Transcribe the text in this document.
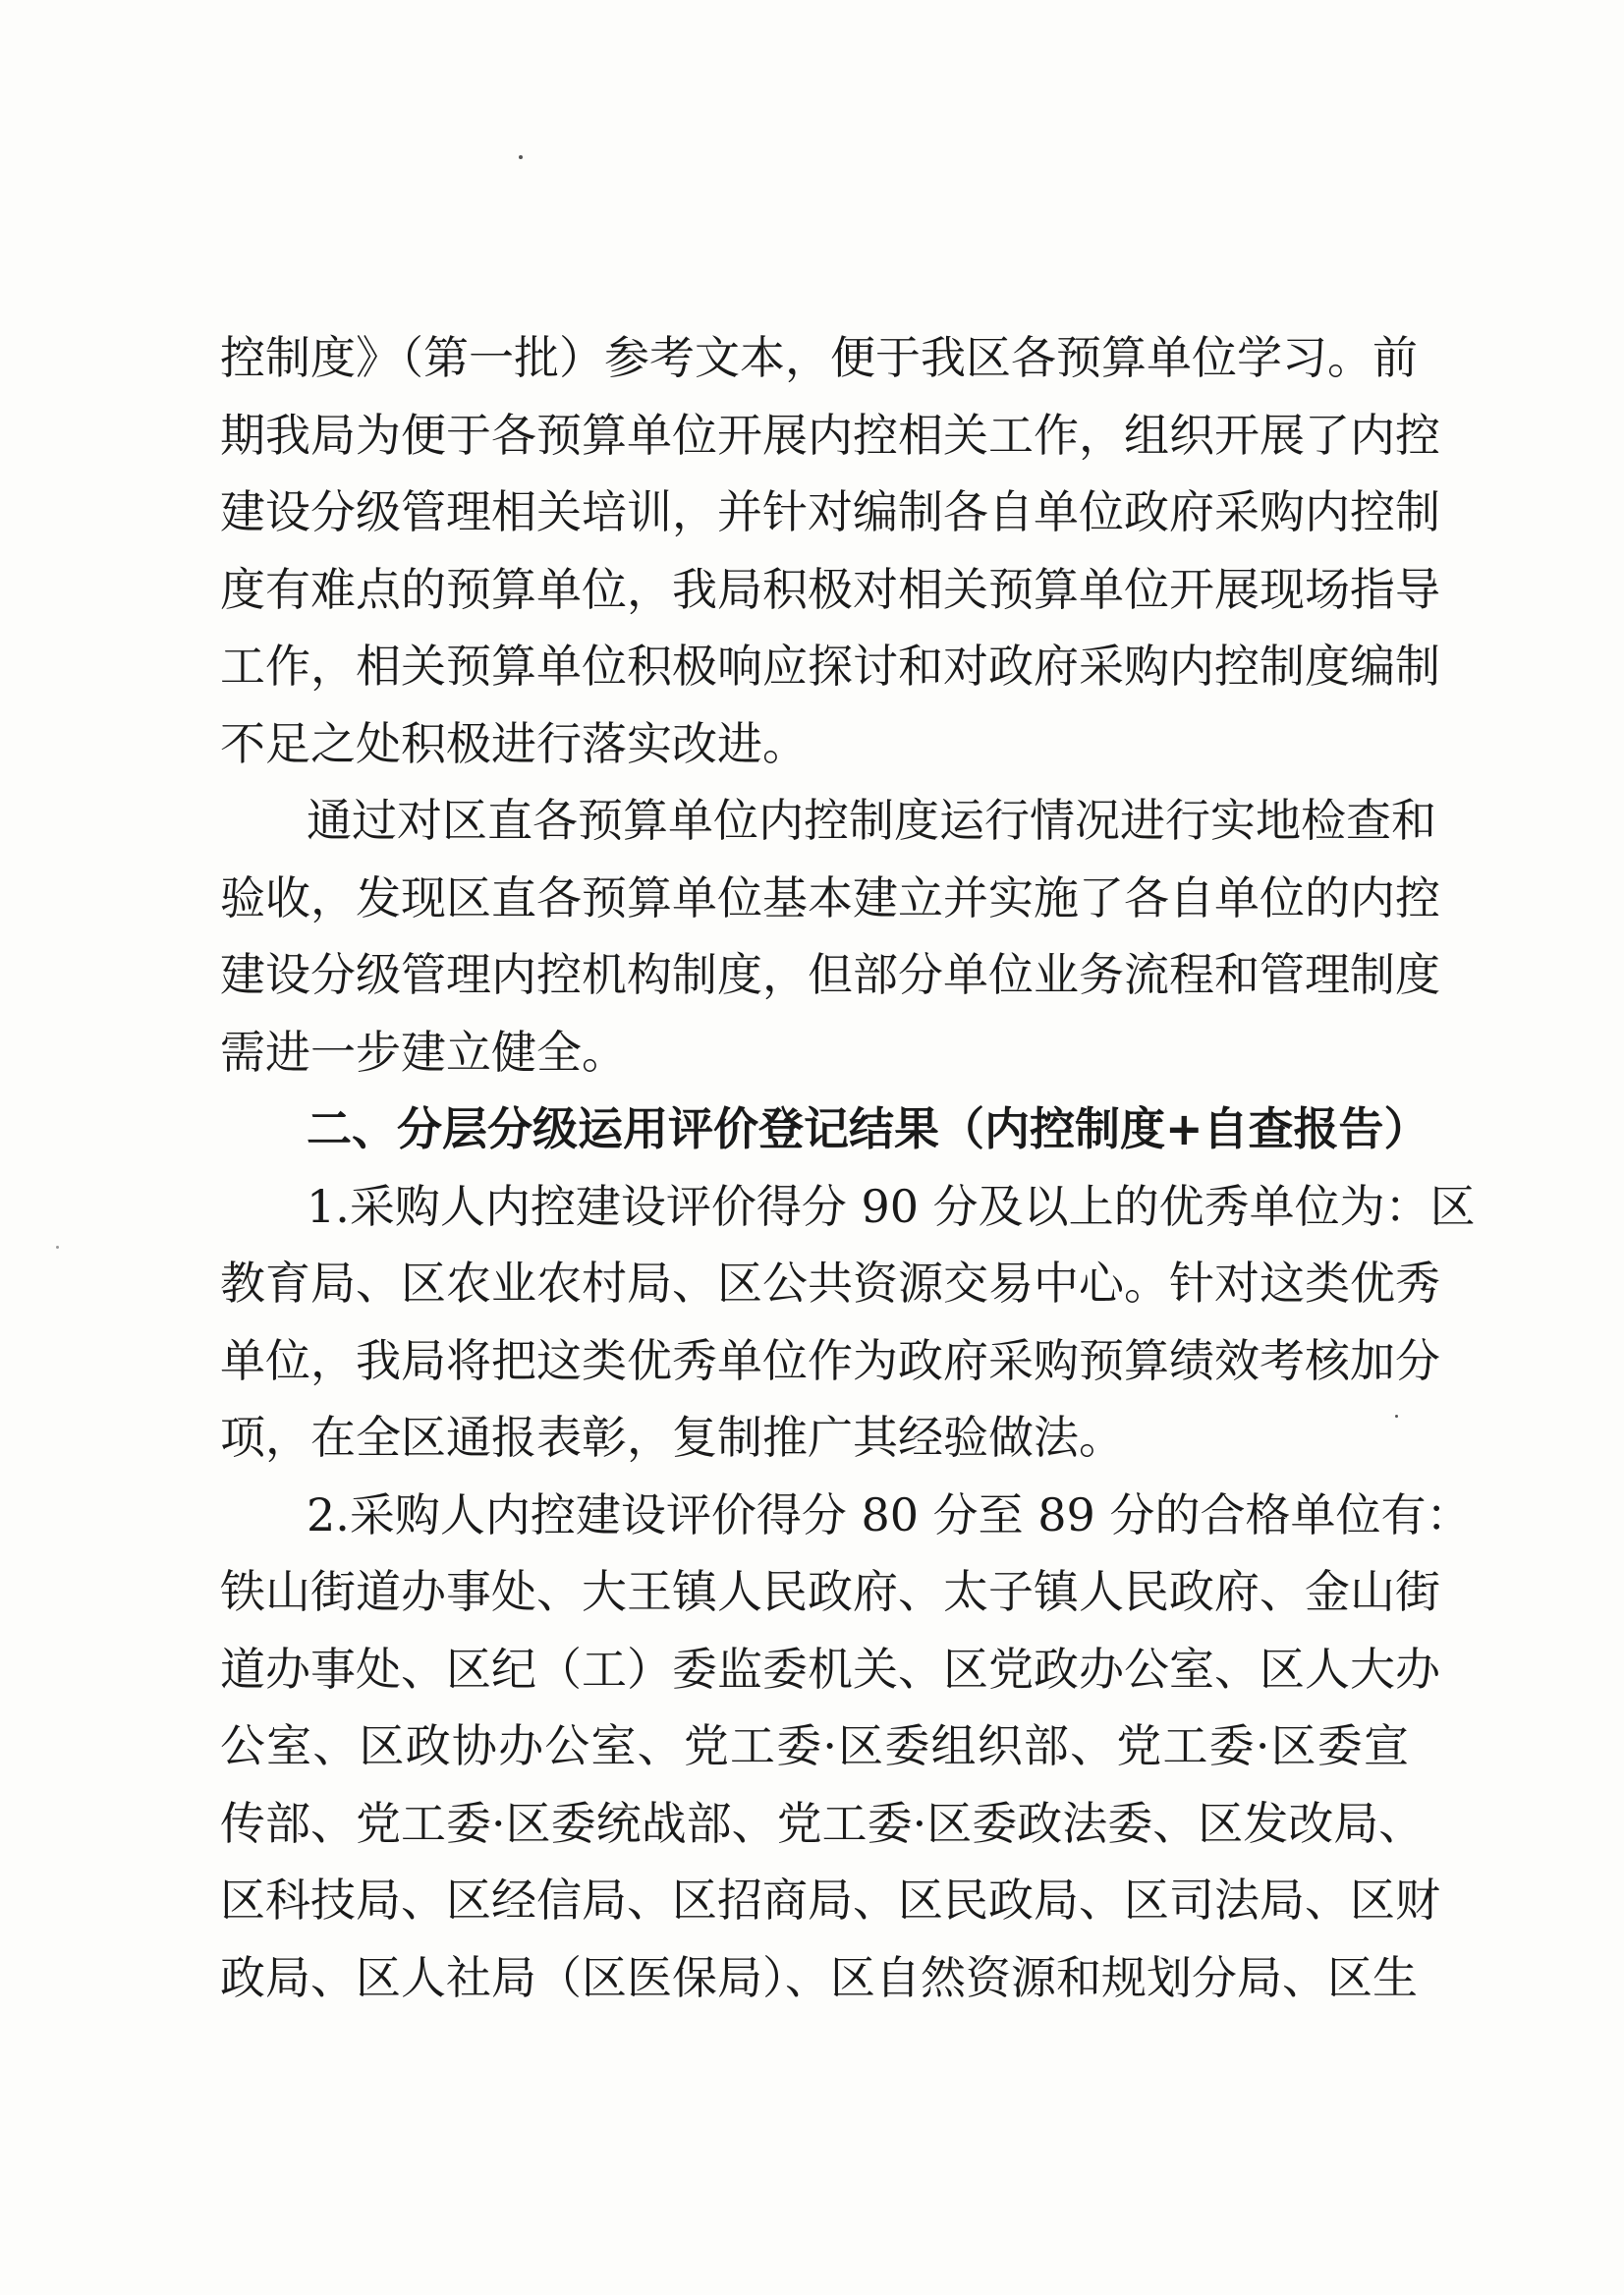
控制度》（第一批）参考文本，便于我区各预算单位学习。前
期我局为便于各预算单位开展内控相关工作，组织开展了内控
建设分级管理相关培训，并针对编制各自单位政府采购内控制
度有难点的预算单位，我局积极对相关预算单位开展现场指导
工作，相关预算单位积极响应探讨和对政府采购内控制度编制
不足之处积极进行落实改进。
通过对区直各预算单位内控制度运行情况进行实地检查和
验收，发现区直各预算单位基本建立并实施了各自单位的内控
建设分级管理内控机构制度，但部分单位业务流程和管理制度
需进一步建立健全。
二、分层分级运用评价登记结果（内控制度+自查报告）
1.采购人内控建设评价得分 90 分及以上的优秀单位为：区
教育局、区农业农村局、区公共资源交易中心。针对这类优秀
单位，我局将把这类优秀单位作为政府采购预算绩效考核加分
项，在全区通报表彰，复制推广其经验做法。
2.采购人内控建设评价得分 80 分至 89 分的合格单位有：
铁山街道办事处、大王镇人民政府、太子镇人民政府、金山街
道办事处、区纪（工）委监委机关、区党政办公室、区人大办
公室、区政协办公室、党工委·区委组织部、党工委·区委宣
传部、党工委·区委统战部、党工委·区委政法委、区发改局、
区科技局、区经信局、区招商局、区民政局、区司法局、区财
政局、区人社局（区医保局）、区自然资源和规划分局、区生
